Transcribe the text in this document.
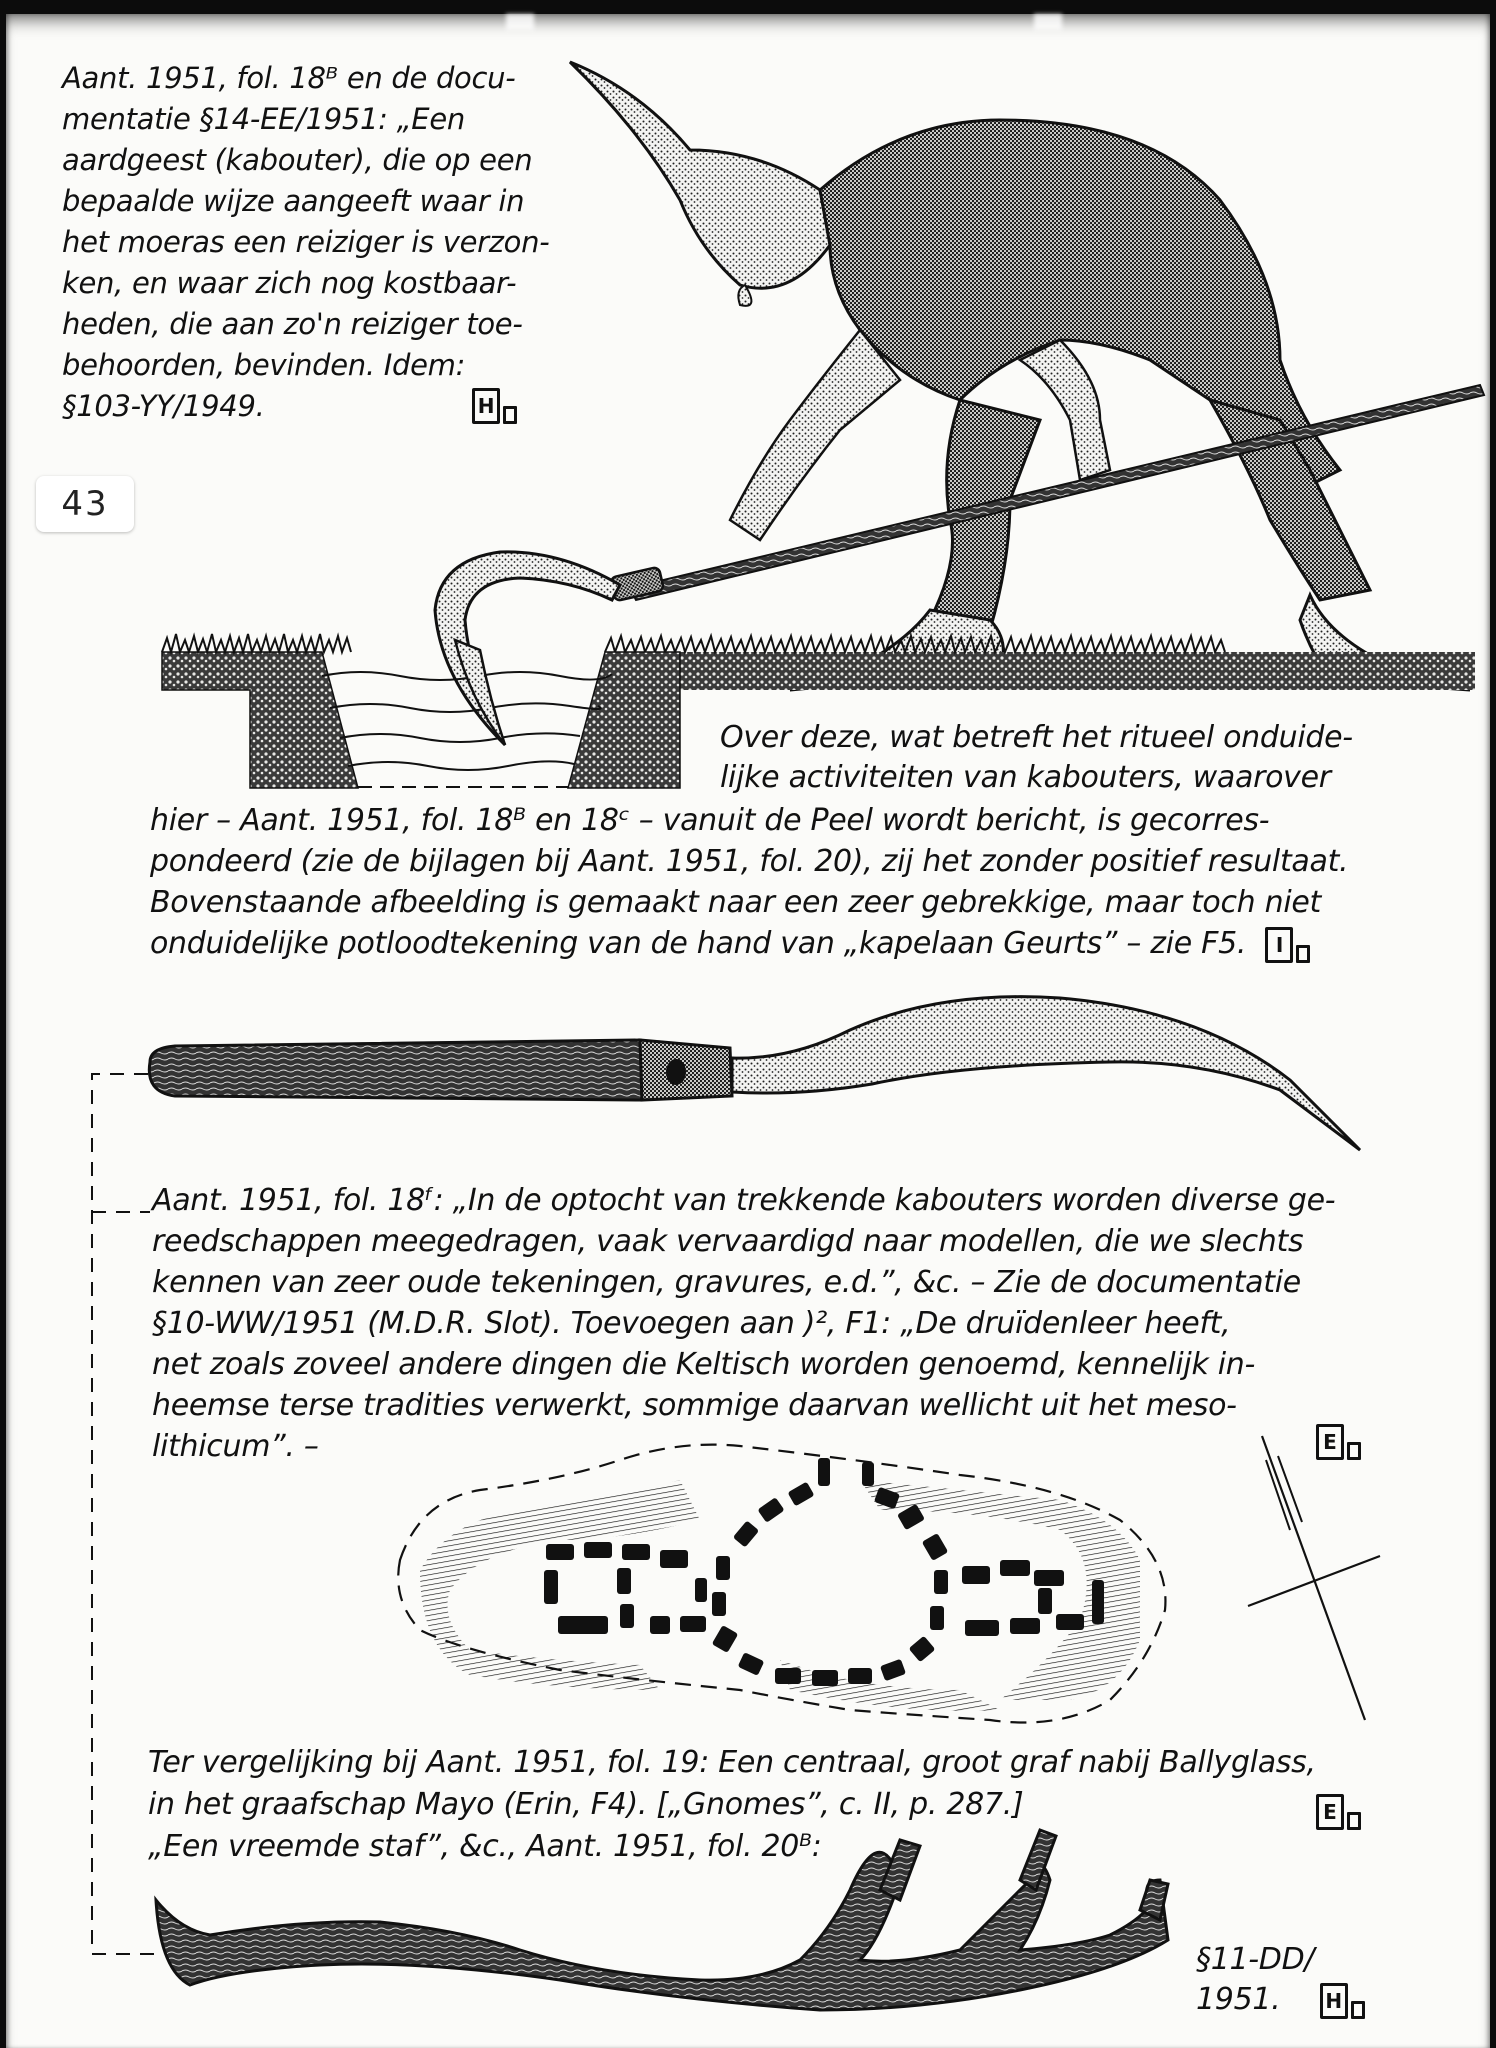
Aant. 1951, fol. 18ᴮ en de docu-
mentatie §14-EE/1951: „Een
aardgeest (kabouter), die op een
bepaalde wijze aangeeft waar in
het moeras een reiziger is verzon-
ken, en waar zich nog kostbaar-
heden, die aan zo'n reiziger toe-
behoorden, bevinden. Idem:
§103-YY/1949.	H
43
Over deze, wat betreft het ritueel onduide-
lijke activiteiten van kabouters, waarover
hier – Aant. 1951, fol. 18ᴮ en 18ᶜ – vanuit de Peel wordt bericht, is gecorres-
pondeerd (zie de bijlagen bij Aant. 1951, fol. 20), zij het zonder positief resultaat.
Bovenstaande afbeelding is gemaakt naar een zeer gebrekkige, maar toch niet
onduidelijke potloodtekening van de hand van „kapelaan Geurts” – zie F5.	I
Aant. 1951, fol. 18ᶠ: „In de optocht van trekkende kabouters worden diverse ge-
reedschappen meegedragen, vaak vervaardigd naar modellen, die we slechts
kennen van zeer oude tekeningen, gravures, e.d.”, &c. – Zie de documentatie
§10-WW/1951 (M.D.R. Slot). Toevoegen aan )², F1: „De druïdenleer heeft,
net zoals zoveel andere dingen die Keltisch worden genoemd, kennelijk in-
heemse terse tradities verwerkt, sommige daarvan wellicht uit het meso-
lithicum”. –	E
Ter vergelijking bij Aant. 1951, fol. 19: Een centraal, groot graf nabij Ballyglass,
in het graafschap Mayo (Erin, F4). [„Gnomes”, c. II, p. 287.]
„Een vreemde staf”, &c., Aant. 1951, fol. 20ᴮ:
E
§11-DD/
1951. H
